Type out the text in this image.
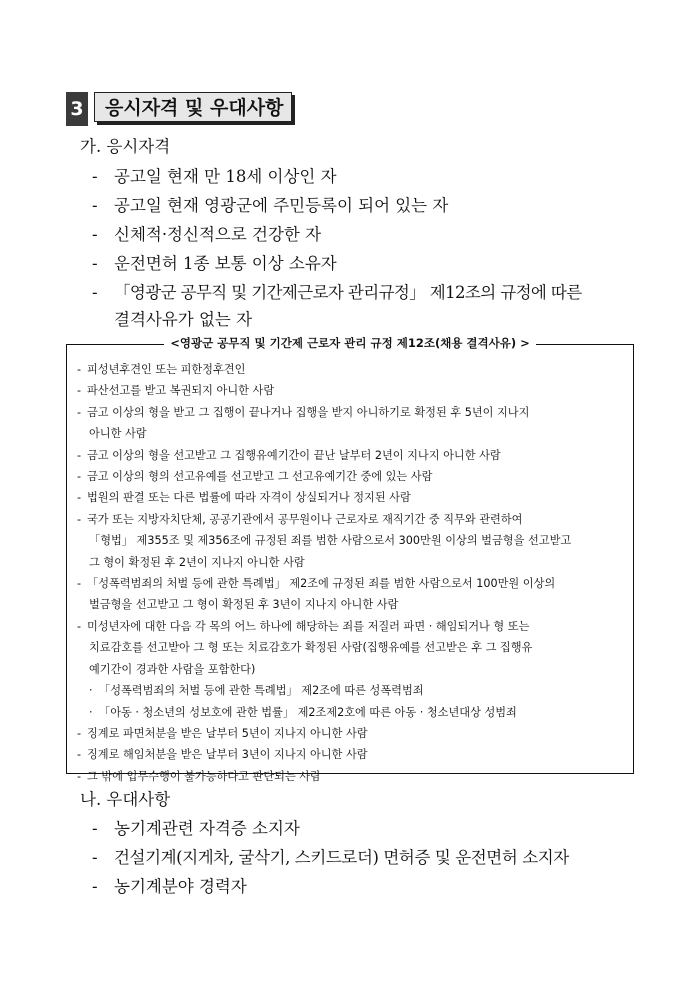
3	응시자격 및 우대사항
가. 응시자격
- 공고일 현재 만 18세 이상인 자
- 공고일 현재 영광군에 주민등록이 되어 있는 자
- 신체적·정신적으로 건강한 자
- 운전면허 1종 보통 이상 소유자
- 「영광군 공무직 및 기간제근로자 관리규정」 제12조의 규정에 따른
결격사유가 없는 자
<영광군 공무직 및 기간제 근로자 관리 규정 제12조(채용 결격사유) >
- 피성년후견인 또는 피한정후견인
- 파산선고를 받고 복권되지 아니한 사람
- 금고 이상의 형을 받고 그 집행이 끝나거나 집행을 받지 아니하기로 확정된 후 5년이 지나지
아니한 사람
- 금고 이상의 형을 선고받고 그 집행유예기간이 끝난 날부터 2년이 지나지 아니한 사람
- 금고 이상의 형의 선고유예를 선고받고 그 선고유예기간 중에 있는 사람
- 법원의 판결 또는 다른 법률에 따라 자격이 상실되거나 정지된 사람
- 국가 또는 지방자치단체, 공공기관에서 공무원이나 근로자로 재직기간 중 직무와 관련하여
「형법」 제355조 및 제356조에 규정된 죄를 범한 사람으로서 300만원 이상의 벌금형을 선고받고
그 형이 확정된 후 2년이 지나지 아니한 사람
- 「성폭력범죄의 처벌 등에 관한 특례법」 제2조에 규정된 죄를 범한 사람으로서 100만원 이상의
벌금형을 선고받고 그 형이 확정된 후 3년이 지나지 아니한 사람
- 미성년자에 대한 다음 각 목의 어느 하나에 해당하는 죄를 저질러 파면 · 해임되거나 형 또는
치료감호를 선고받아 그 형 또는 치료감호가 확정된 사람(집행유예를 선고받은 후 그 집행유
예기간이 경과한 사람을 포함한다)
· 「성폭력범죄의 처벌 등에 관한 특례법」 제2조에 따른 성폭력범죄
· 「아동 · 청소년의 성보호에 관한 법률」 제2조제2호에 따른 아동 · 청소년대상 성범죄
- 징계로 파면처분을 받은 날부터 5년이 지나지 아니한 사람
- 징계로 해임처분을 받은 날부터 3년이 지나지 아니한 사람
- 그 밖에 업무수행이 불가능하다고 판단되는 사람
나. 우대사항
- 농기계관련 자격증 소지자
- 건설기계(지게차, 굴삭기, 스키드로더) 면허증 및 운전면허 소지자
- 농기계분야 경력자
